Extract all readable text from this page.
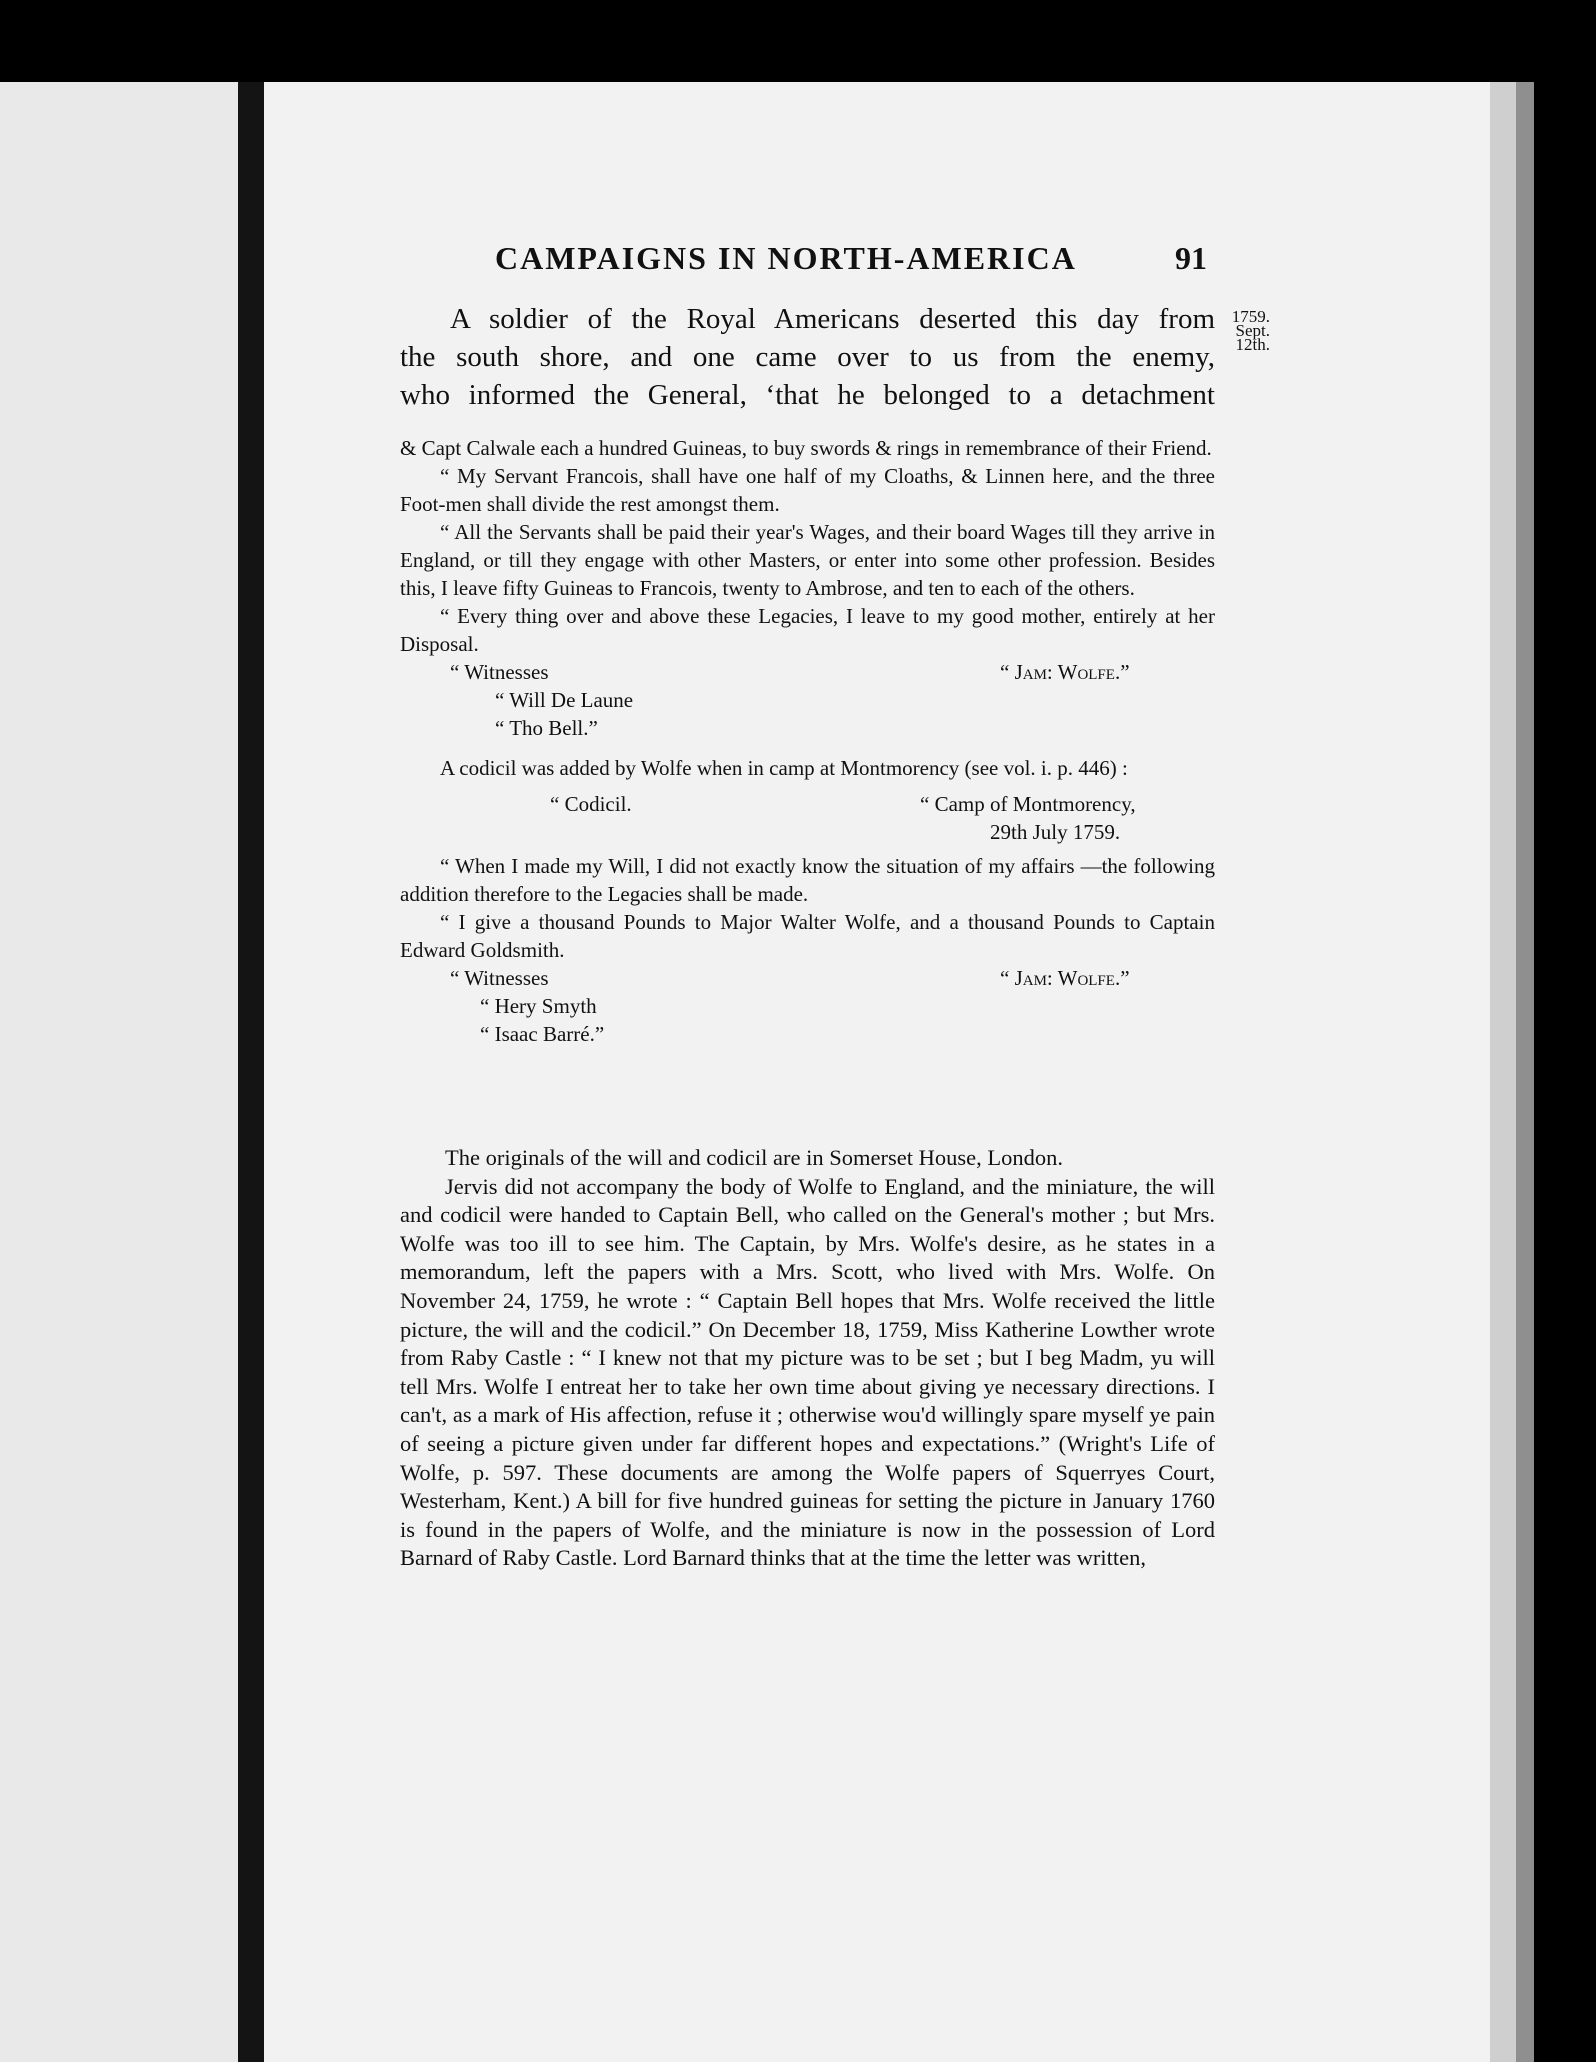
CAMPAIGNS IN NORTH-AMERICA	91
1759.
Sept.
12th.
A soldier of the Royal Americans deserted this day from
the south shore, and one came over to us from the enemy,
who informed the General, ‘that he belonged to a detachment

& Capt Calwale each a hundred Guineas, to buy swords & rings in remembrance of their Friend.

“ My Servant Francois, shall have one half of my Cloaths, & Linnen here, and the three Foot-men shall divide the rest amongst them.

“ All the Servants shall be paid their year's Wages, and their board Wages till they arrive in England, or till they engage with other Masters, or enter into some other profession. Besides this, I leave fifty Guineas to Francois, twenty to Ambrose, and ten to each of the others.

“ Every thing over and above these Legacies, I leave to my good mother, entirely at her Disposal.

“ Witnesses	“ Jam: Wolfe.”
“ Will De Laune
“ Tho Bell.”

A codicil was added by Wolfe when in camp at Montmorency (see vol. i. p. 446) :

“ Codicil.	“ Camp of Montmorency,
29th July 1759.

“ When I made my Will, I did not exactly know the situation of my affairs —the following addition therefore to the Legacies shall be made.

“ I give a thousand Pounds to Major Walter Wolfe, and a thousand Pounds to Captain Edward Goldsmith.

“ Witnesses	“ Jam: Wolfe.”
“ Hery Smyth
“ Isaac Barré.”

The originals of the will and codicil are in Somerset House, London.

Jervis did not accompany the body of Wolfe to England, and the miniature, the will and codicil were handed to Captain Bell, who called on the General's mother ; but Mrs. Wolfe was too ill to see him. The Captain, by Mrs. Wolfe's desire, as he states in a memorandum, left the papers with a Mrs. Scott, who lived with Mrs. Wolfe. On November 24, 1759, he wrote : “ Captain Bell hopes that Mrs. Wolfe received the little picture, the will and the codicil.” On December 18, 1759, Miss Katherine Lowther wrote from Raby Castle : “ I knew not that my picture was to be set ; but I beg Madm, yu will tell Mrs. Wolfe I entreat her to take her own time about giving ye necessary directions. I can't, as a mark of His affection, refuse it ; otherwise wou'd willingly spare myself ye pain of seeing a picture given under far different hopes and expectations.” (Wright's Life of Wolfe, p. 597. These documents are among the Wolfe papers of Squerryes Court, Westerham, Kent.) A bill for five hundred guineas for setting the picture in January 1760 is found in the papers of Wolfe, and the miniature is now in the possession of Lord Barnard of Raby Castle. Lord Barnard thinks that at the time the letter was written,
